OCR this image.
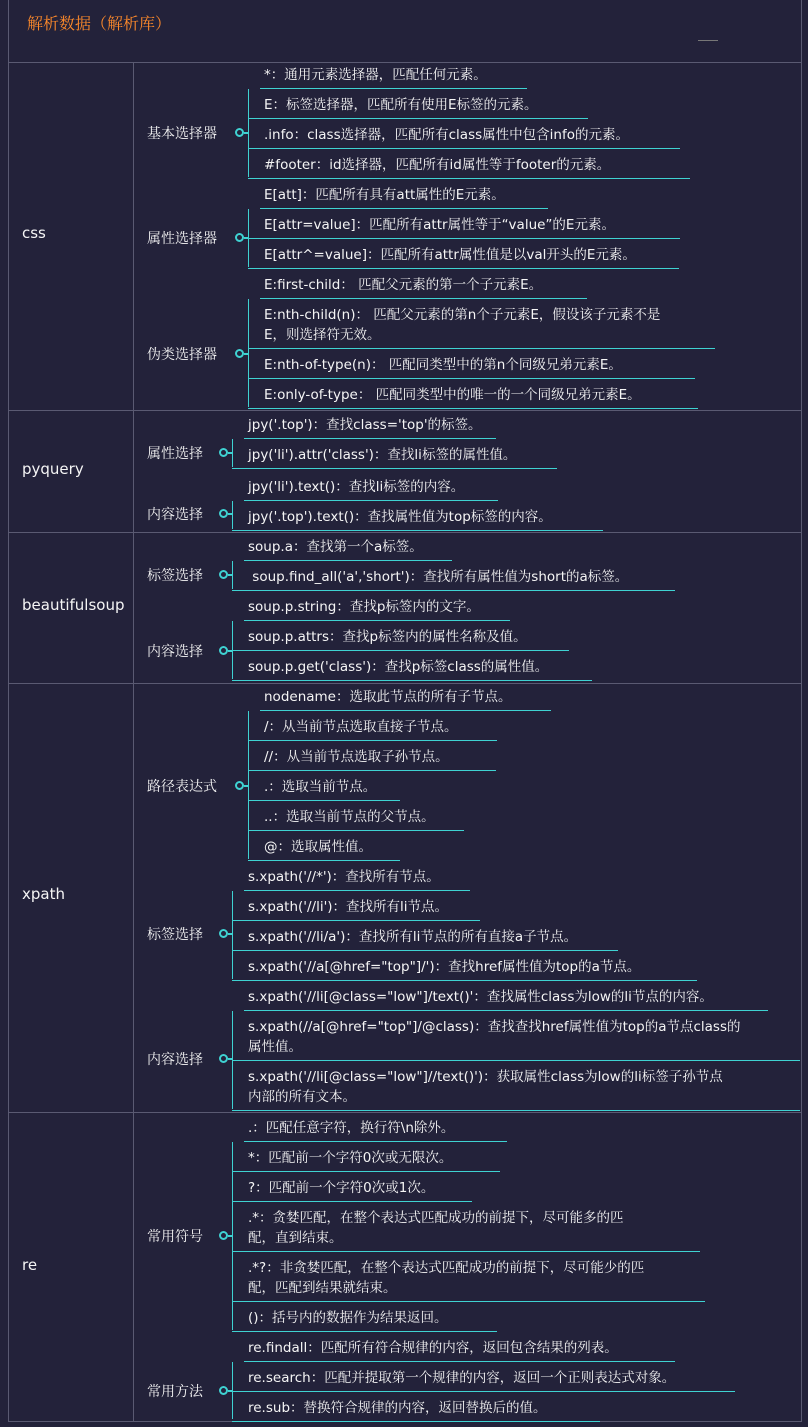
解析数据（解析库）
css
基本选择器
*：通用元素选择器，匹配任何元素。
E：标签选择器，匹配所有使用E标签的元素。
.info：class选择器，匹配所有class属性中包含info的元素。
#footer：id选择器，匹配所有id属性等于footer的元素。
属性选择器
E[att]：匹配所有具有att属性的E元素。
E[attr=value]：匹配所有attr属性等于“value”的E元素。
E[attr^=value]：匹配所有attr属性值是以val开头的E元素。
伪类选择器
E:first-child： 匹配父元素的第一个子元素E。
E:nth-child(n)： 匹配父元素的第n个子元素E，假设该子元素不是
E，则选择符无效。
E:nth-of-type(n)： 匹配同类型中的第n个同级兄弟元素E。
E:only-of-type： 匹配同类型中的唯一的一个同级兄弟元素E。
pyquery
属性选择
jpy('.top')：查找class='top'的标签。
jpy('li').attr('class')：查找li标签的属性值。
内容选择
jpy('li').text()：查找li标签的内容。
jpy('.top').text()：查找属性值为top标签的内容。
beautifulsoup
标签选择
soup.a：查找第一个a标签。
soup.find_all('a','short')：查找所有属性值为short的a标签。
内容选择
soup.p.string：查找p标签内的文字。
soup.p.attrs：查找p标签内的属性名称及值。
soup.p.get('class')：查找p标签class的属性值。
xpath
路径表达式
nodename：选取此节点的所有子节点。
/：从当前节点选取直接子节点。
//：从当前节点选取子孙节点。
.：选取当前节点。
..：选取当前节点的父节点。
@：选取属性值。
标签选择
s.xpath('//*')：查找所有节点。
s.xpath('//li')：查找所有li节点。
s.xpath('//li/a')：查找所有li节点的所有直接a子节点。
s.xpath('//a[@href="top"]/')：查找href属性值为top的a节点。
内容选择
s.xpath('//li[@class="low"]/text()'：查找属性class为low的li节点的内容。
s.xpath(//a[@href="top"]/@class)：查找查找href属性值为top的a节点class的
属性值。
s.xpath('//li[@class="low"]//text()')：获取属性class为low的li标签子孙节点
内部的所有文本。
re
常用符号
.：匹配任意字符，换行符\n除外。
*：匹配前一个字符0次或无限次。
?：匹配前一个字符0次或1次。
.*：贪婪匹配，在整个表达式匹配成功的前提下，尽可能多的匹
配，直到结束。
.*?：非贪婪匹配，在整个表达式匹配成功的前提下，尽可能少的匹
配，匹配到结果就结束。
()：括号内的数据作为结果返回。
常用方法
re.findall：匹配所有符合规律的内容，返回包含结果的列表。
re.search：匹配并提取第一个规律的内容，返回一个正则表达式对象。
re.sub：替换符合规律的内容，返回替换后的值。
